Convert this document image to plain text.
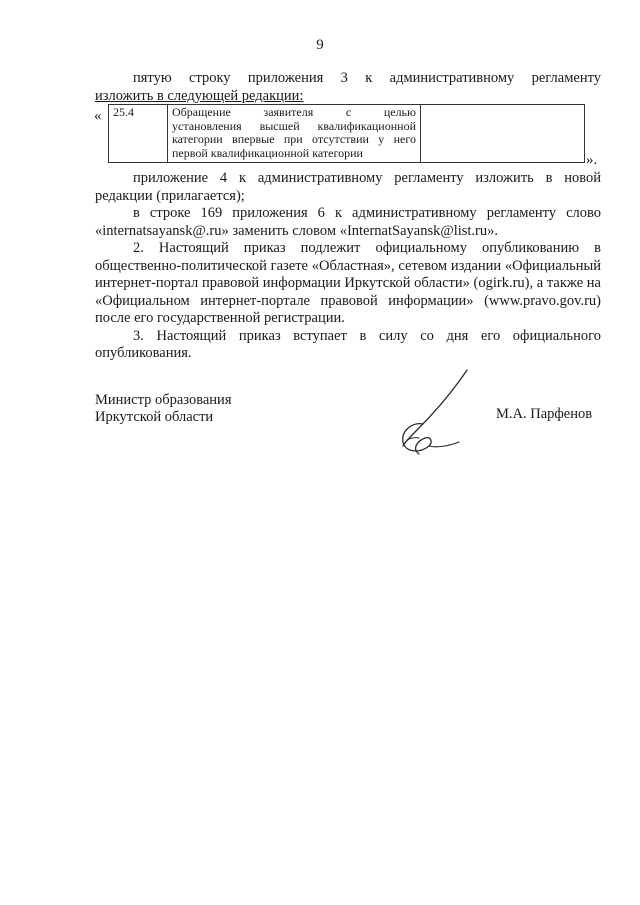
9

пятую строку приложения 3 к административному регламенту

изложить в следующей редакции:

« 25.4	Обращение заявителя с целью
установления высшей квалификационной
категории впервые при отсутствии у него
первой квалификационной категории
		».

приложение 4 к административному регламенту изложить в новой редакции (прилагается);

в строке 169 приложения 6 к административному регламенту слово «internatsayansk@.ru» заменить словом «InternatSayansk@list.ru».

2. Настоящий приказ подлежит официальному опубликованию в общественно-политической газете «Областная», сетевом издании «Официальный интернет-портал правовой информации Иркутской области» (ogirk.ru), а также на «Официальном интернет-портале правовой информации» (www.pravo.gov.ru) после его государственной регистрации.

3. Настоящий приказ вступает в силу со дня его официального опубликования.

Министр образования
Иркутской области	М.А. Парфенов
